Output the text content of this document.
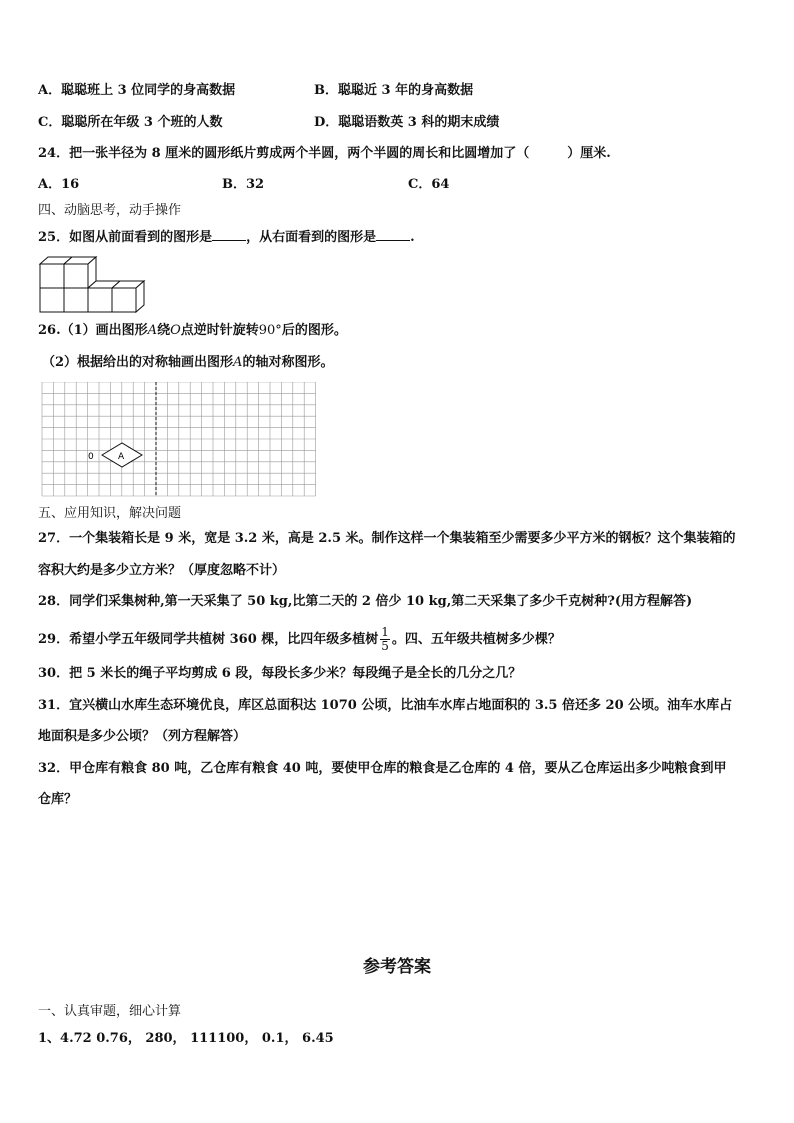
A．聪聪班上 3 位同学的身高数据	B．聪聪近 3 年的身高数据
C．聪聪所在年级 3 个班的人数	D．聪聪语数英 3 科的期末成绩
24．把一张半径为 8 厘米的圆形纸片剪成两个半圆，两个半圆的周长和比圆增加了（	）厘米.
A．16	B．32	C．64
四、动脑思考，动手操作
25．如图从前面看到的图形是	，从右面看到的图形是	.
26.（1）画出图形A绕O点逆时针旋转90°后的图形。
（2）根据给出的对称轴画出图形A的轴对称图形。
A
0
五、应用知识，解决问题
27．一个集装箱长是 9 米，宽是 3.2 米，高是 2.5 米。制作这样一个集装箱至少需要多少平方米的钢板？这个集装箱的
容积大约是多少立方米？（厚度忽略不计）
28．同学们采集树种,第一天采集了 50 kg,比第二天的 2 倍少 10 kg,第二天采集了多少千克树种?(用方程解答)
29．希望小学五年级同学共植树 360 棵，比四年级多植树 $\frac{1}{5}$ 。四、五年级共植树多少棵？
30．把 5 米长的绳子平均剪成 6 段，每段长多少米？每段绳子是全长的几分之几？
31．宜兴横山水库生态环境优良，库区总面积达 1070 公顷，比油车水库占地面积的 3.5 倍还多 20 公顷。油车水库占
地面积是多少公顷？（列方程解答）
32．甲仓库有粮食 80 吨，乙仓库有粮食 40 吨，要使甲仓库的粮食是乙仓库的 4 倍，要从乙仓库运出多少吨粮食到甲
仓库？
参考答案
一、认真审题，细心计算
1、4.72 0.76， 280， 111100， 0.1， 6.45
